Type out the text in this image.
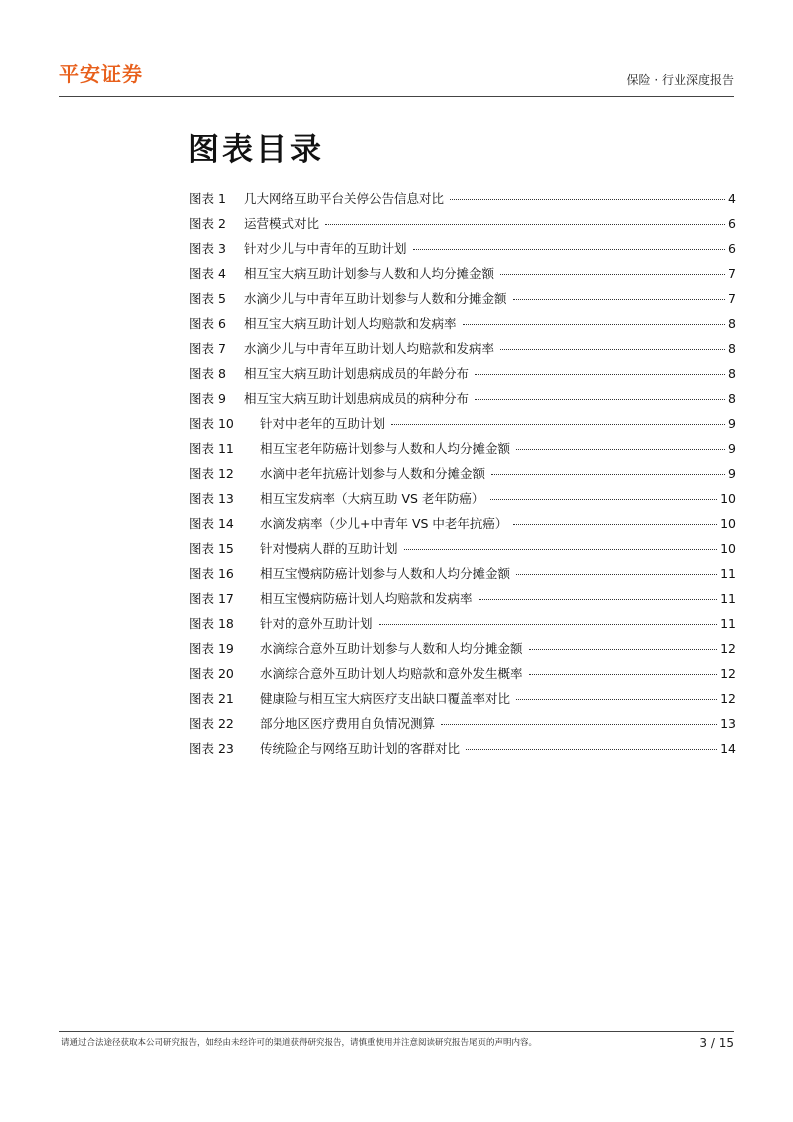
平安证券	保险 · 行业深度报告
图表目录
图表 1	几大网络互助平台关停公告信息对比	4
图表 2	运营模式对比	6
图表 3	针对少儿与中青年的互助计划	6
图表 4	相互宝大病互助计划参与人数和人均分摊金额	7
图表 5	水滴少儿与中青年互助计划参与人数和分摊金额	7
图表 6	相互宝大病互助计划人均赔款和发病率	8
图表 7	水滴少儿与中青年互助计划人均赔款和发病率	8
图表 8	相互宝大病互助计划患病成员的年龄分布	8
图表 9	相互宝大病互助计划患病成员的病种分布	8
图表 10	针对中老年的互助计划	9
图表 11	相互宝老年防癌计划参与人数和人均分摊金额	9
图表 12	水滴中老年抗癌计划参与人数和分摊金额	9
图表 13	相互宝发病率（大病互助 VS 老年防癌）	10
图表 14	水滴发病率（少儿+中青年 VS 中老年抗癌）	10
图表 15	针对慢病人群的互助计划	10
图表 16	相互宝慢病防癌计划参与人数和人均分摊金额	11
图表 17	相互宝慢病防癌计划人均赔款和发病率	11
图表 18	针对的意外互助计划	11
图表 19	水滴综合意外互助计划参与人数和人均分摊金额	12
图表 20	水滴综合意外互助计划人均赔款和意外发生概率	12
图表 21	健康险与相互宝大病医疗支出缺口覆盖率对比	12
图表 22	部分地区医疗费用自负情况测算	13
图表 23	传统险企与网络互助计划的客群对比	14
请通过合法途径获取本公司研究报告，如经由未经许可的渠道获得研究报告，请慎重使用并注意阅读研究报告尾页的声明内容。	3 / 15
